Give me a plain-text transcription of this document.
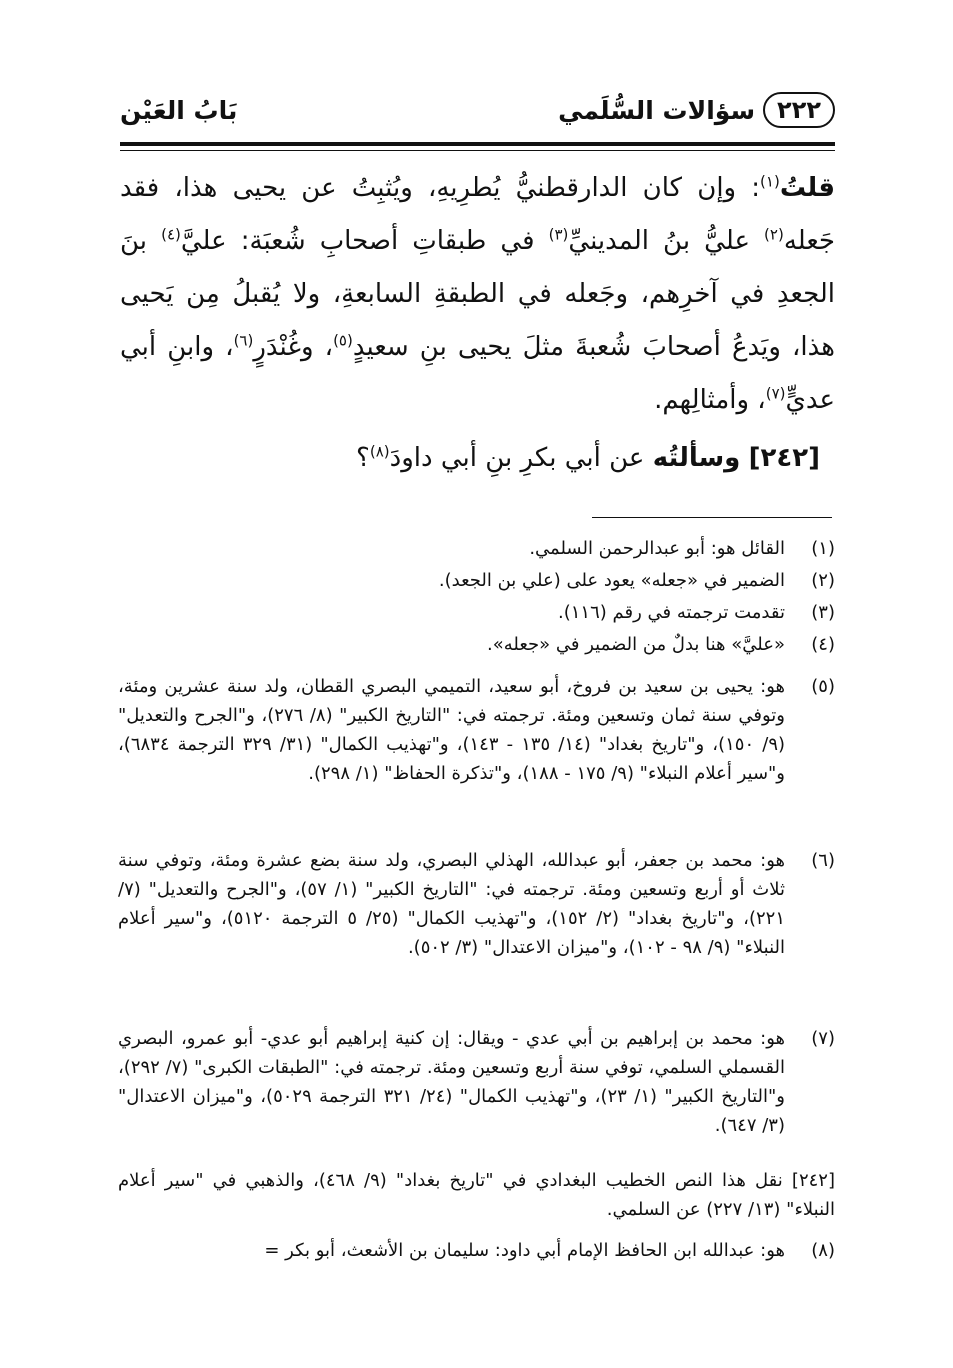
٢٢٢
سؤالات السُّلَمي
بَابُ العَيْن

قلتُ$^{(١)}$: وإن كان الدارقطنيُّ يُطرِيهِ، ويُثبِتُ عن يحيى هذا، فقد جَعله$^{(٢)}$ عليُّ بنُ المدينيِّ$^{(٣)}$ في طبقاتِ أصحابِ شُعبَة: عليَّ$^{(٤)}$ بنَ الجعدِ في آخرِهم، وجَعله في الطبقةِ السابعةِ، ولا يُقبلُ مِن يَحيى هذا، ويَدعُ أصحابَ شُعبةَ مثلَ يحيى بنِ سعيدٍ$^{(٥)}$، وغُنْدَرٍ$^{(٦)}$، وابنِ أبي عديٍّ$^{(٧)}$، وأمثالِهم.

[٢٤٢] وسألتُه عن أبي بكرِ بنِ أبي داودَ$^{(٨)}$؟
(١)
القائل هو: أبو عبدالرحمن السلمي.
(٢)
الضمير في «جعله» يعود على (علي بن الجعد).
(٣)
تقدمت ترجمته في رقم (١١٦).
(٤)
«عليَّ» هنا بدلٌ من الضمير في «جعله».
(٥)
هو: يحيى بن سعيد بن فروخ، أبو سعيد، التميمي البصري القطان، ولد سنة عشرين ومئة، وتوفي سنة ثمان وتسعين ومئة. ترجمته في: "التاريخ الكبير" (٨/ ٢٧٦)، و"الجرح والتعديل" (٩/ ١٥٠)، و"تاريخ بغداد" (١٤/ ١٣٥ - ١٤٣)، و"تهذيب الكمال" (٣١/ ٣٢٩ الترجمة ٦٨٣٤)، و"سير أعلام النبلاء" (٩/ ١٧٥ - ١٨٨)، و"تذكرة الحفاظ" (١/ ٢٩٨).
(٦)
هو: محمد بن جعفر، أبو عبدالله، الهذلي البصري، ولد سنة بضع عشرة ومئة، وتوفي سنة ثلاث أو أربع وتسعين ومئة. ترجمته في: "التاريخ الكبير" (١/ ٥٧)، و"الجرح والتعديل" (٧/ ٢٢١)، و"تاريخ بغداد" (٢/ ١٥٢)، و"تهذيب الكمال" (٢٥/ ٥ الترجمة ٥١٢٠)، و"سير أعلام النبلاء" (٩/ ٩٨ - ١٠٢)، و"ميزان الاعتدال" (٣/ ٥٠٢).
(٧)
هو: محمد بن إبراهيم بن أبي عدي - ويقال: إن كنية إبراهيم أبو عدي- أبو عمرو، البصري القسملي السلمي، توفي سنة أربع وتسعين ومئة. ترجمته في: "الطبقات الكبرى" (٧/ ٢٩٢)، و"التاريخ الكبير" (١/ ٢٣)، و"تهذيب الكمال" (٢٤/ ٣٢١ الترجمة ٥٠٢٩)، و"ميزان الاعتدال" (٣/ ٦٤٧).
[٢٤٢] نقل هذا النص الخطيب البغدادي في "تاريخ بغداد" (٩/ ٤٦٨)، والذهبي في "سير أعلام النبلاء" (١٣/ ٢٢٧) عن السلمي.
(٨)
هو: عبدالله ابن الحافظ الإمام أبي داود: سليمان بن الأشعث، أبو بكر =
